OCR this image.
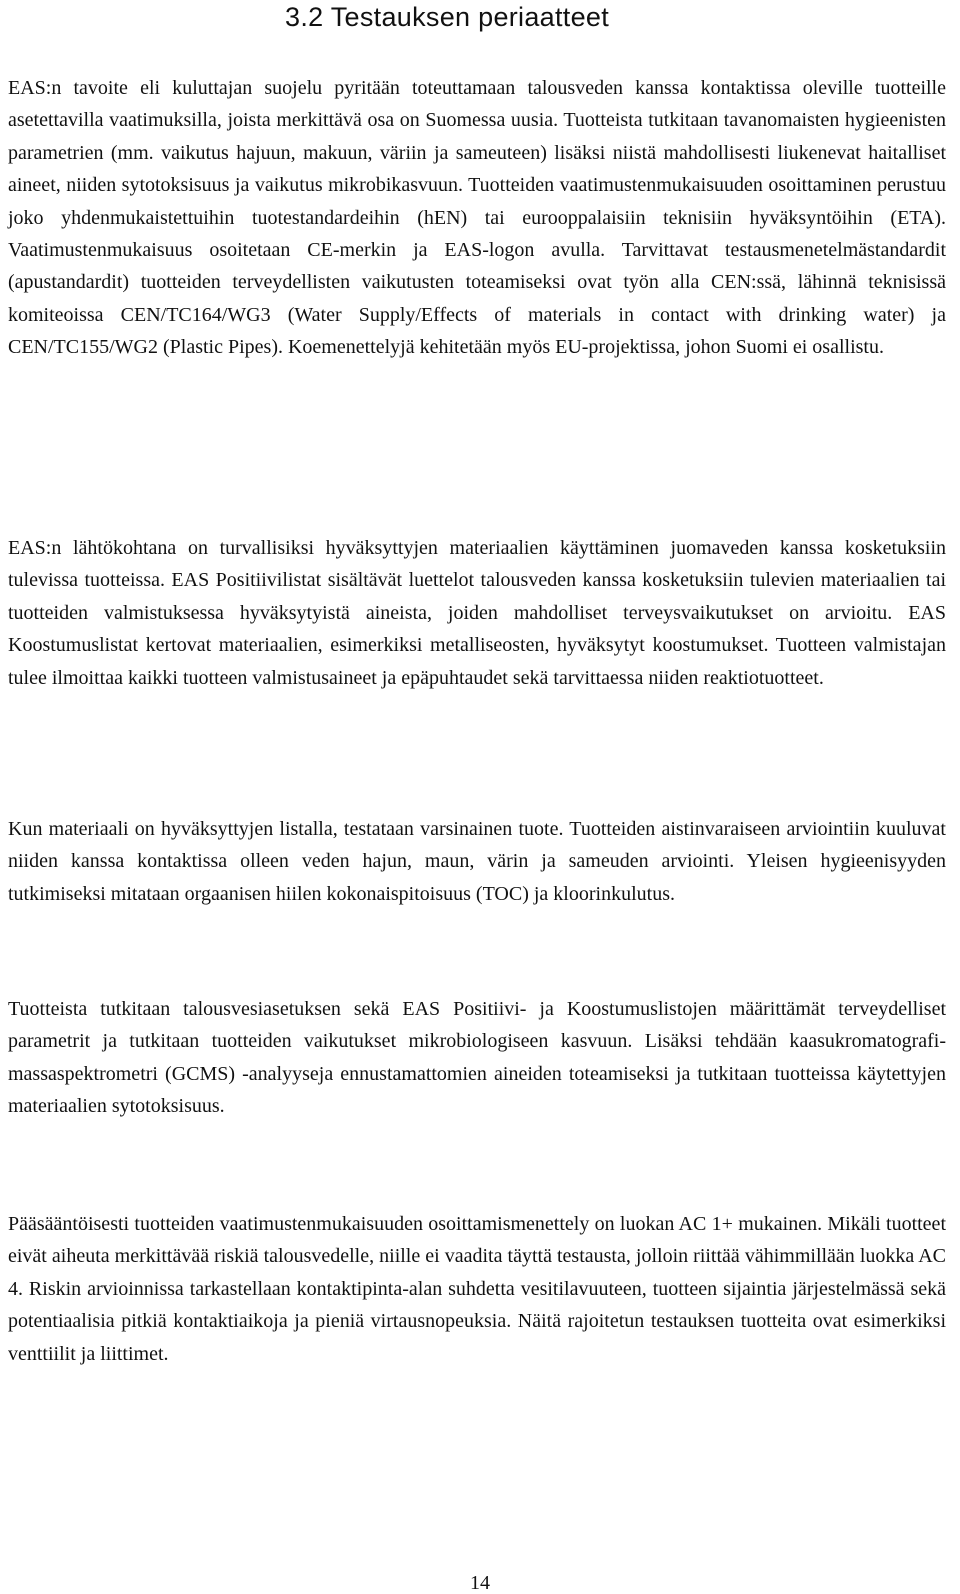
3.2 Testauksen periaatteet

EAS:n tavoite eli kuluttajan suojelu pyritään toteuttamaan talousveden kanssa kontaktissa oleville tuotteille asetettavilla vaatimuksilla, joista merkittävä osa on Suomessa uusia. Tuotteista tutkitaan tavanomaisten hygieenisten parametrien (mm. vaikutus hajuun, makuun, väriin ja sameuteen) lisäksi niistä mahdollisesti liukenevat haitalliset aineet, niiden sytotoksisuus ja vaikutus mikrobikasvuun. Tuotteiden vaatimustenmukaisuuden osoittaminen perustuu joko yhdenmukaistettuihin tuotestandardeihin (hEN) tai eurooppalaisiin teknisiin hyväksyntöihin (ETA). Vaatimustenmukaisuus osoitetaan CE-merkin ja EAS-logon avulla. Tarvittavat testausmenetelmästandardit (apustandardit) tuotteiden terveydellisten vaikutusten toteamiseksi ovat työn alla CEN:ssä, lähinnä teknisissä komiteoissa CEN/TC164/WG3 (Water Supply/Effects of materials in contact with drinking water) ja CEN/TC155/WG2 (Plastic Pipes). Koemenettelyjä kehitetään myös EU-projektissa, johon Suomi ei osallistu.

EAS:n lähtökohtana on turvallisiksi hyväksyttyjen materiaalien käyttäminen juomaveden kanssa kosketuksiin tulevissa tuotteissa. EAS Positiivilistat sisältävät luettelot talousveden kanssa kosketuksiin tulevien materiaalien tai tuotteiden valmistuksessa hyväksytyistä aineista, joiden mahdolliset terveysvaikutukset on arvioitu. EAS Koostumuslistat kertovat materiaalien, esimerkiksi metalliseosten, hyväksytyt koostumukset. Tuotteen valmistajan tulee ilmoittaa kaikki tuotteen valmistusaineet ja epäpuhtaudet sekä tarvittaessa niiden reaktiotuotteet.

Kun materiaali on hyväksyttyjen listalla, testataan varsinainen tuote. Tuotteiden aistinvaraiseen arviointiin kuuluvat niiden kanssa kontaktissa olleen veden hajun, maun, värin ja sameuden arviointi. Yleisen hygieenisyyden tutkimiseksi mitataan orgaanisen hiilen kokonaispitoisuus (TOC) ja kloorinkulutus.

Tuotteista tutkitaan talousvesiasetuksen sekä EAS Positiivi- ja Koostumuslistojen määrittämät terveydelliset parametrit ja tutkitaan tuotteiden vaikutukset mikrobiologiseen kasvuun. Lisäksi tehdään kaasukromatografi-massaspektrometri (GCMS) -analyyseja ennustamattomien aineiden toteamiseksi ja tutkitaan tuotteissa käytettyjen materiaalien sytotoksisuus.

Pääsääntöisesti tuotteiden vaatimustenmukaisuuden osoittamismenettely on luokan AC 1+ mukainen. Mikäli tuotteet eivät aiheuta merkittävää riskiä talousvedelle, niille ei vaadita täyttä testausta, jolloin riittää vähimmillään luokka AC 4. Riskin arvioinnissa tarkastellaan kontaktipinta-alan suhdetta vesitilavuuteen, tuotteen sijaintia järjestelmässä sekä potentiaalisia pitkiä kontaktiaikoja ja pieniä virtausnopeuksia. Näitä rajoitetun testauksen tuotteita ovat esimerkiksi venttiilit ja liittimet.

14
